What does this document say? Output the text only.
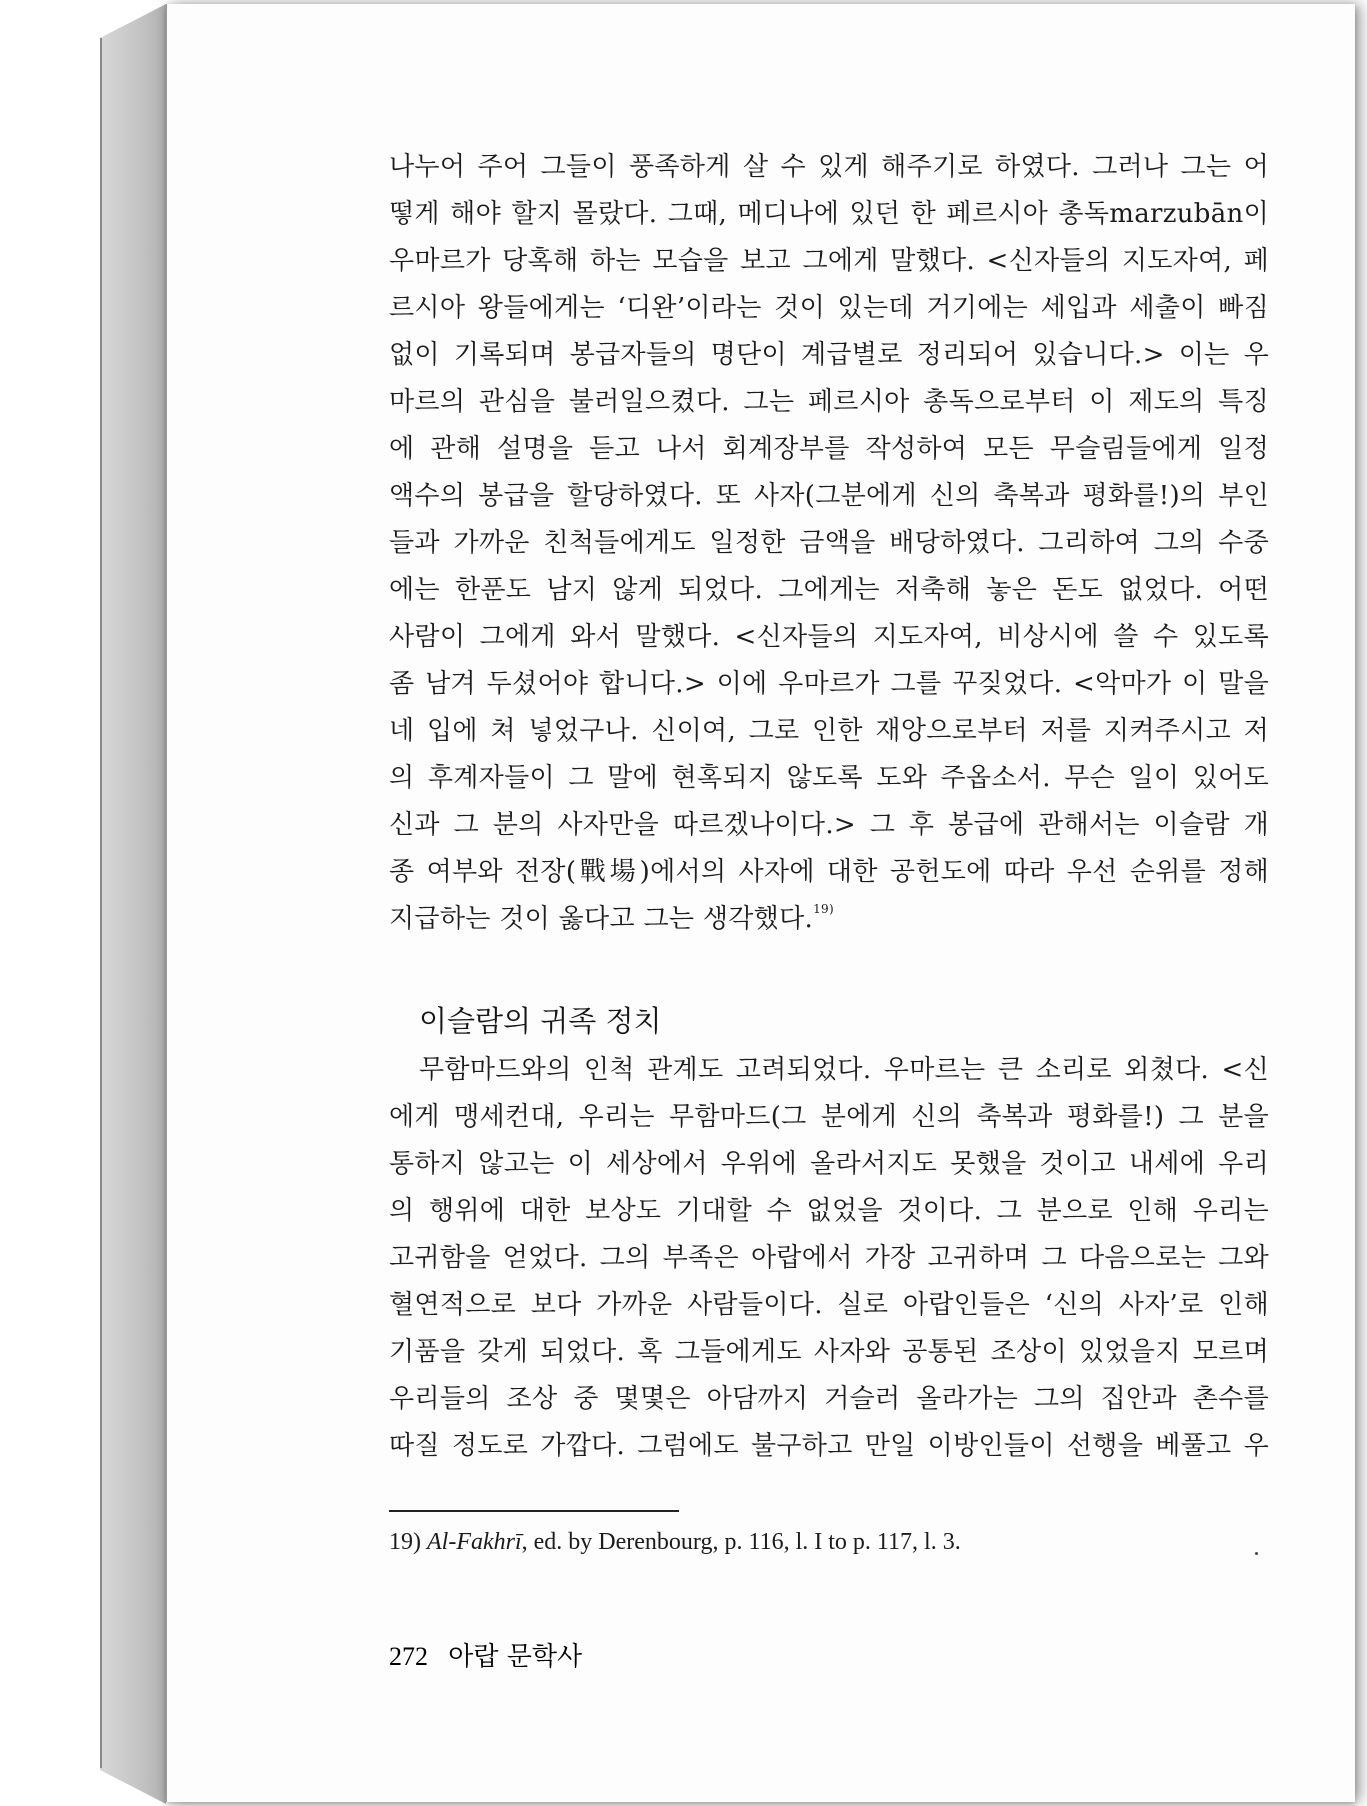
나누어 주어 그들이 풍족하게 살 수 있게 해주기로 하였다. 그러나 그는 어
떻게 해야 할지 몰랐다. 그때, 메디나에 있던 한 페르시아 총독marzubān이
우마르가 당혹해 하는 모습을 보고 그에게 말했다. <신자들의 지도자여, 페
르시아 왕들에게는 ‘디완’이라는 것이 있는데 거기에는 세입과 세출이 빠짐
없이 기록되며 봉급자들의 명단이 계급별로 정리되어 있습니다.> 이는 우
마르의 관심을 불러일으켰다. 그는 페르시아 총독으로부터 이 제도의 특징
에 관해 설명을 듣고 나서 회계장부를 작성하여 모든 무슬림들에게 일정
액수의 봉급을 할당하였다. 또 사자(그분에게 신의 축복과 평화를!)의 부인
들과 가까운 친척들에게도 일정한 금액을 배당하였다. 그리하여 그의 수중
에는 한푼도 남지 않게 되었다. 그에게는 저축해 놓은 돈도 없었다. 어떤
사람이 그에게 와서 말했다. <신자들의 지도자여, 비상시에 쓸 수 있도록
좀 남겨 두셨어야 합니다.> 이에 우마르가 그를 꾸짖었다. <악마가 이 말을
네 입에 쳐 넣었구나. 신이여, 그로 인한 재앙으로부터 저를 지켜주시고 저
의 후계자들이 그 말에 현혹되지 않도록 도와 주옵소서. 무슨 일이 있어도
신과 그 분의 사자만을 따르겠나이다.> 그 후 봉급에 관해서는 이슬람 개
종 여부와 전장(戰場)에서의 사자에 대한 공헌도에 따라 우선 순위를 정해
지급하는 것이 옳다고 그는 생각했다.$^{19)}$
이슬람의 귀족 정치
무함마드와의 인척 관계도 고려되었다. 우마르는 큰 소리로 외쳤다. <신
에게 맹세컨대, 우리는 무함마드(그 분에게 신의 축복과 평화를!) 그 분을
통하지 않고는 이 세상에서 우위에 올라서지도 못했을 것이고 내세에 우리
의 행위에 대한 보상도 기대할 수 없었을 것이다. 그 분으로 인해 우리는
고귀함을 얻었다. 그의 부족은 아랍에서 가장 고귀하며 그 다음으로는 그와
혈연적으로 보다 가까운 사람들이다. 실로 아랍인들은 ‘신의 사자’로 인해
기품을 갖게 되었다. 혹 그들에게도 사자와 공통된 조상이 있었을지 모르며
우리들의 조상 중 몇몇은 아담까지 거슬러 올라가는 그의 집안과 촌수를
따질 정도로 가깝다. 그럼에도 불구하고 만일 이방인들이 선행을 베풀고 우
19) Al-Fakhrī, ed. by Derenbourg, p. 116, l. I to p. 117, l. 3.
272 아랍 문학사
